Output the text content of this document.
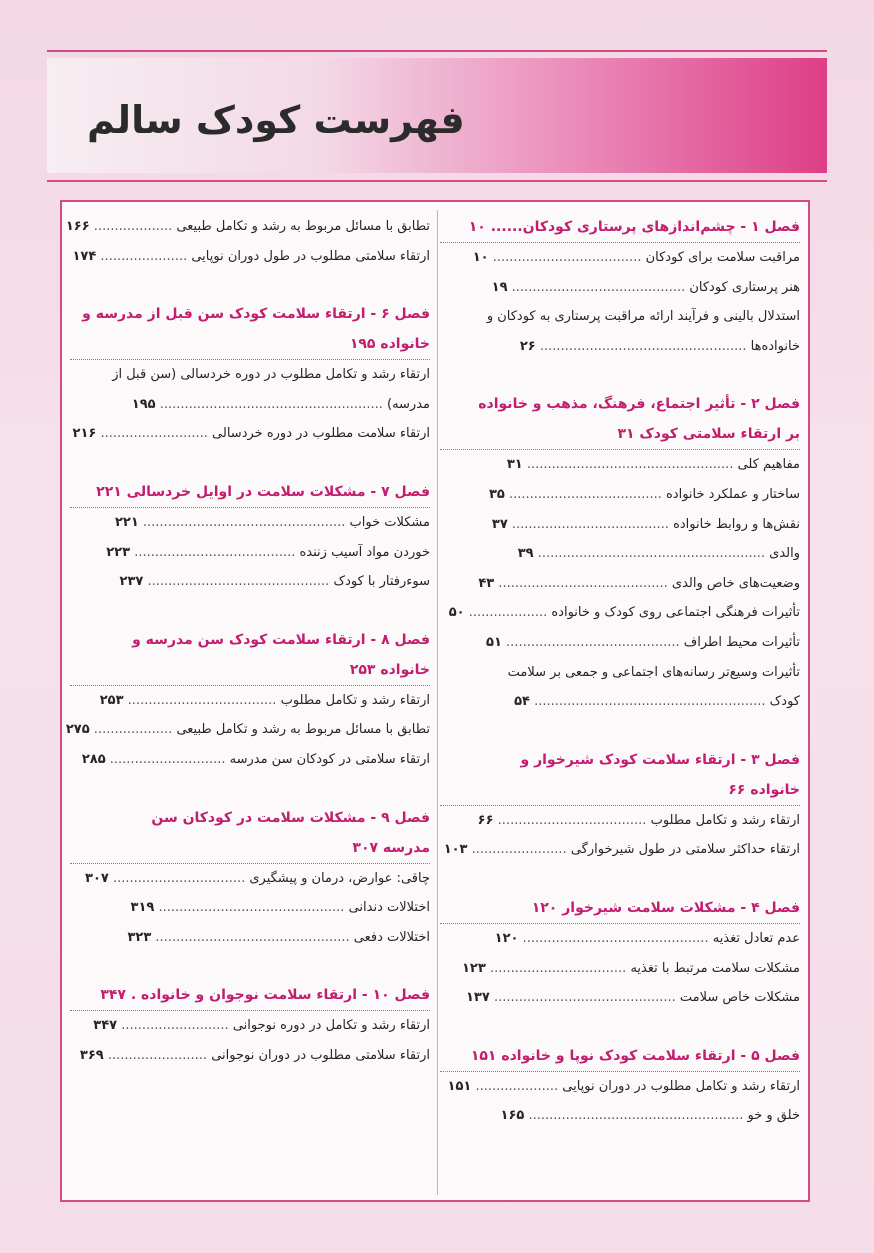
فهرست کودک سالم
فصل ۱ - چشم‌اندازهای پرستاری کودکان...... ۱۰
مراقبت سلامت برای کودکان .................................... ۱۰
هنر پرستاری کودکان .......................................... ۱۹
استدلال بالینی و فرآیند ارائه مراقبت پرستاری به کودکان و
خانواده‌ها .................................................. ۲۶
فصل ۲ - تأثیر اجتماع، فرهنگ، مذهب و خانواده
بر ارتقاء سلامتی کودک ۳۱
مفاهیم کلی .................................................. ۳۱
ساختار و عملکرد خانواده ..................................... ۳۵
نقش‌ها و روابط خانواده ...................................... ۳۷
والدی ....................................................... ۳۹
وضعیت‌های خاص والدی ......................................... ۴۳
تأثیرات فرهنگی اجتماعی روی کودک و خانواده ................... ۵۰
تأثیرات محیط اطراف .......................................... ۵۱
تأثیرات وسیع‌تر رسانه‌های اجتماعی و جمعی بر سلامت
کودک ........................................................ ۵۴
فصل ۳ - ارتقاء سلامت کودک شیرخوار و
خانواده ۶۶
ارتقاء رشد و تکامل مطلوب .................................... ۶۶
ارتقاء حداکثر سلامتی در طول شیرخوارگی ....................... ۱۰۳
فصل ۴ - مشکلات سلامت شیرخوار ۱۲۰
عدم تعادل تغذیه ............................................. ۱۲۰
مشکلات سلامت مرتبط با تغذیه ................................. ۱۲۳
مشکلات خاص سلامت ............................................ ۱۳۷
فصل ۵ - ارتقاء سلامت کودک نوپا و خانواده ۱۵۱
ارتقاء رشد و تکامل مطلوب در دوران نوپایی .................... ۱۵۱
خلق و خو .................................................... ۱۶۵
تطابق با مسائل مربوط به رشد و تکامل طبیعی ................... ۱۶۶
ارتقاء سلامتی مطلوب در طول دوران نوپایی ..................... ۱۷۴
فصل ۶ - ارتقاء سلامت کودک سن قبل از مدرسه و
خانواده ۱۹۵
ارتقاء رشد و تکامل مطلوب در دوره خردسالی (سن قبل از
مدرسه) ...................................................... ۱۹۵
ارتقاء سلامت مطلوب در دوره خردسالی .......................... ۲۱۶
فصل ۷ - مشکلات سلامت در اوایل خردسالی ۲۲۱
مشکلات خواب ................................................. ۲۲۱
خوردن مواد آسیب زننده ....................................... ۲۲۳
سوءرفتار با کودک ............................................ ۲۳۷
فصل ۸ - ارتقاء سلامت کودک سن مدرسه و
خانواده ۲۵۳
ارتقاء رشد و تکامل مطلوب .................................... ۲۵۳
تطابق با مسائل مربوط به رشد و تکامل طبیعی ................... ۲۷۵
ارتقاء سلامتی در کودکان سن مدرسه ............................ ۲۸۵
فصل ۹ - مشکلات سلامت در کودکان سن
مدرسه ۳۰۷
چاقی: عوارض، درمان و پیشگیری ................................ ۳۰۷
اختلالات دندانی ............................................. ۳۱۹
اختلالات دفعی ............................................... ۳۲۳
فصل ۱۰ - ارتقاء سلامت نوجوان و خانواده . ۳۴۷
ارتقاء رشد و تکامل در دوره نوجوانی .......................... ۳۴۷
ارتقاء سلامتی مطلوب در دوران نوجوانی ........................ ۳۶۹
